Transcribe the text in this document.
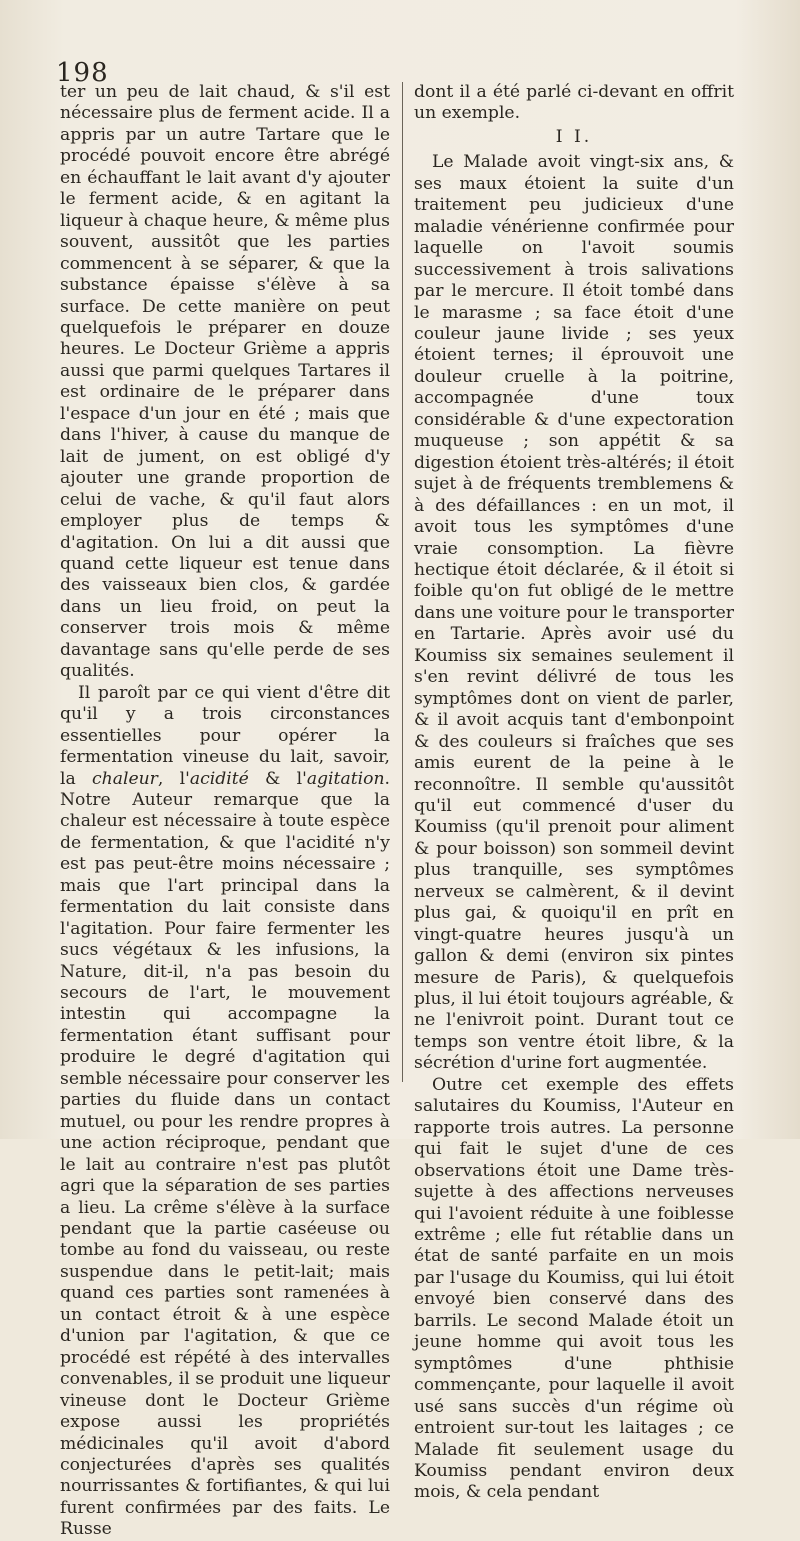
198

ter un peu de lait chaud, & s'il est nécessaire plus de ferment acide. Il a appris par un autre Tartare que le procédé pouvoit encore être abrégé en échauffant le lait avant d'y ajouter le ferment acide, & en agitant la liqueur à chaque heure, & même plus souvent, aussitôt que les parties commencent à se séparer, & que la substance épaisse s'élève à sa surface. De cette manière on peut quelquefois le préparer en douze heures. Le Docteur Grième a appris aussi que parmi quelques Tartares il est ordinaire de le préparer dans l'espace d'un jour en été ; mais que dans l'hiver, à cause du manque de lait de jument, on est obligé d'y ajouter une grande proportion de celui de vache, & qu'il faut alors employer plus de temps & d'agitation. On lui a dit aussi que quand cette liqueur est tenue dans des vaisseaux bien clos, & gardée dans un lieu froid, on peut la conserver trois mois & même davantage sans qu'elle perde de ses qualités.

Il paroît par ce qui vient d'être dit qu'il y a trois circonstances essentielles pour opérer la fermentation vineuse du lait, savoir, la chaleur, l'acidité & l'agitation. Notre Auteur remarque que la chaleur est nécessaire à toute espèce de fermentation, & que l'acidité n'y est pas peut-être moins nécessaire ; mais que l'art principal dans la fermentation du lait consiste dans l'agitation. Pour faire fermenter les sucs végétaux & les infusions, la Nature, dit-il, n'a pas besoin du secours de l'art, le mouvement intestin qui accompagne la fermentation étant suffisant pour produire le degré d'agitation qui semble nécessaire pour conserver les parties du fluide dans un contact mutuel, ou pour les rendre propres à une action réciproque, pendant que le lait au contraire n'est pas plutôt agri que la séparation de ses parties a lieu. La crême s'élève à la surface pendant que la partie caséeuse ou tombe au fond du vaisseau, ou reste suspendue dans le petit-lait; mais quand ces parties sont ramenées à un contact étroit & à une espèce d'union par l'agitation, & que ce procédé est répété à des intervalles convenables, il se produit une liqueur vineuse dont le Docteur Grième expose aussi les propriétés médicinales qu'il avoit d'abord conjecturées d'après ses qualités nourrissantes & fortifiantes, & qui lui furent confirmées par des faits. Le Russe

dont il a été parlé ci-devant en offrit un exemple.

I I.

Le Malade avoit vingt-six ans, & ses maux étoient la suite d'un traitement peu judicieux d'une maladie vénérienne confirmée pour laquelle on l'avoit soumis successivement à trois salivations par le mercure. Il étoit tombé dans le marasme ; sa face étoit d'une couleur jaune livide ; ses yeux étoient ternes; il éprouvoit une douleur cruelle à la poitrine, accompagnée d'une toux considérable & d'une expectoration muqueuse ; son appétit & sa digestion étoient très-altérés; il étoit sujet à de fréquents tremblemens & à des défaillances : en un mot, il avoit tous les symptômes d'une vraie consomption. La fièvre hectique étoit déclarée, & il étoit si foible qu'on fut obligé de le mettre dans une voiture pour le transporter en Tartarie. Après avoir usé du Koumiss six semaines seulement il s'en revint délivré de tous les symptômes dont on vient de parler, & il avoit acquis tant d'embonpoint & des couleurs si fraîches que ses amis eurent de la peine à le reconnoître. Il semble qu'aussitôt qu'il eut commencé d'user du Koumiss (qu'il prenoit pour aliment & pour boisson) son sommeil devint plus tranquille, ses symptômes nerveux se calmèrent, & il devint plus gai, & quoiqu'il en prît en vingt-quatre heures jusqu'à un gallon & demi (environ six pintes mesure de Paris), & quelquefois plus, il lui étoit toujours agréable, & ne l'enivroit point. Durant tout ce temps son ventre étoit libre, & la sécrétion d'urine fort augmentée.

Outre cet exemple des effets salutaires du Koumiss, l'Auteur en rapporte trois autres. La personne qui fait le sujet d'une de ces observations étoit une Dame très-sujette à des affections nerveuses qui l'avoient réduite à une foiblesse extrême ; elle fut rétablie dans un état de santé parfaite en un mois par l'usage du Koumiss, qui lui étoit envoyé bien conservé dans des barrils. Le second Malade étoit un jeune homme qui avoit tous les symptômes d'une phthisie commençante, pour laquelle il avoit usé sans succès d'un régime où entroient sur-tout les laitages ; ce Malade fit seulement usage du Koumiss pendant environ deux mois, & cela pendant
